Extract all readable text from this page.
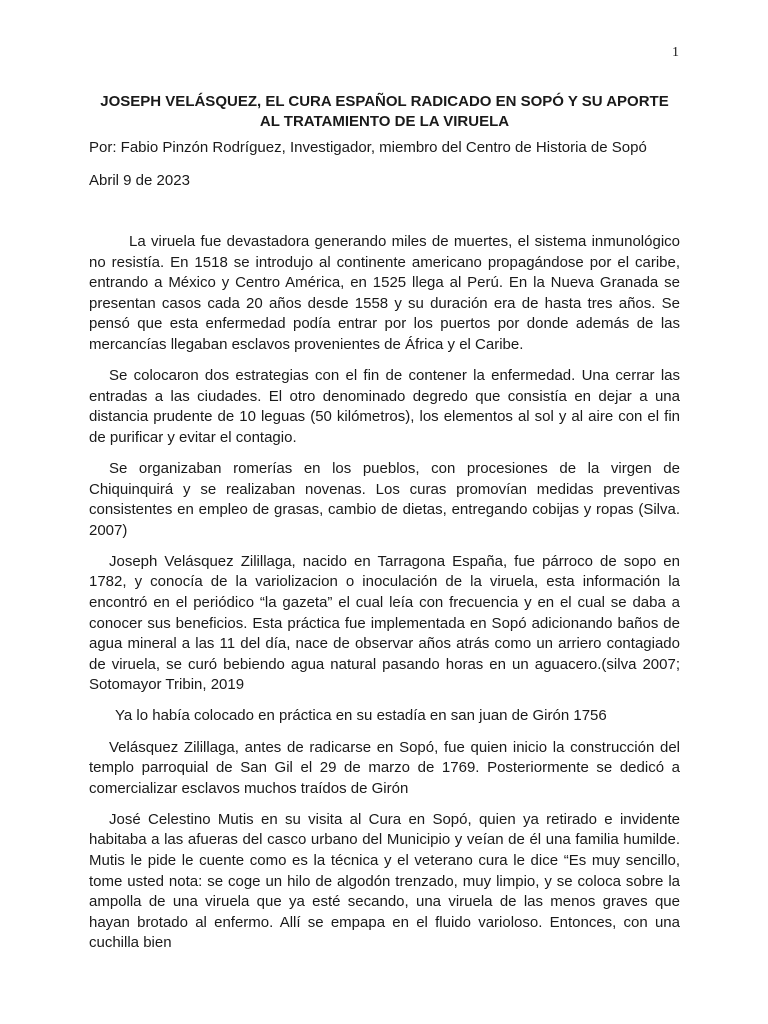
1

JOSEPH VELÁSQUEZ, EL CURA ESPAÑOL RADICADO EN SOPÓ Y SU APORTE
AL TRATAMIENTO DE LA VIRUELA

Por: Fabio Pinzón Rodríguez, Investigador, miembro del Centro de Historia de Sopó

Abril 9 de 2023

La viruela fue devastadora generando miles de muertes, el sistema inmunológico no resistía. En 1518 se introdujo al continente americano propagándose por el caribe, entrando a México y Centro América, en 1525 llega al Perú. En la Nueva Granada se presentan casos cada 20 años desde 1558 y su duración era de hasta tres años. Se pensó que esta enfermedad podía entrar por los puertos por donde además de las mercancías llegaban esclavos provenientes de África y el Caribe.

Se colocaron dos estrategias con el fin de contener la enfermedad. Una cerrar las entradas a las ciudades. El otro denominado degredo que consistía en dejar a una distancia prudente de 10 leguas (50 kilómetros), los elementos al sol y al aire con el fin de purificar y evitar el contagio.

Se organizaban romerías en los pueblos, con procesiones de la virgen de Chiquinquirá y se realizaban novenas. Los curas promovían medidas preventivas consistentes en empleo de grasas, cambio de dietas, entregando cobijas y ropas (Silva. 2007)

Joseph Velásquez Zilillaga, nacido en Tarragona España, fue párroco de sopo en 1782, y conocía de la variolizacion o inoculación de la viruela, esta información la encontró en el periódico “la gazeta” el cual leía con frecuencia y en el cual se daba a conocer sus beneficios. Esta práctica fue implementada en Sopó adicionando baños de agua mineral a las 11 del día, nace de observar años atrás como un arriero contagiado de viruela, se curó bebiendo agua natural pasando horas en un aguacero.(silva 2007; Sotomayor Tribin, 2019

Ya lo había colocado en práctica en su estadía en san juan de Girón 1756

Velásquez Zilillaga, antes de radicarse en Sopó, fue quien inicio la construcción del templo parroquial de San Gil el 29 de marzo de 1769. Posteriormente se dedicó a comercializar esclavos muchos traídos de Girón

José Celestino Mutis en su visita al Cura en Sopó, quien ya retirado e invidente habitaba a las afueras del casco urbano del Municipio y veían de él una familia humilde. Mutis le pide le cuente como es la técnica y el veterano cura le dice “Es muy sencillo, tome usted nota: se coge un hilo de algodón trenzado, muy limpio, y se coloca sobre la ampolla de una viruela que ya esté secando, una viruela de las menos graves que hayan brotado al enfermo. Allí se empapa en el fluido varioloso. Entonces, con una cuchilla bien
